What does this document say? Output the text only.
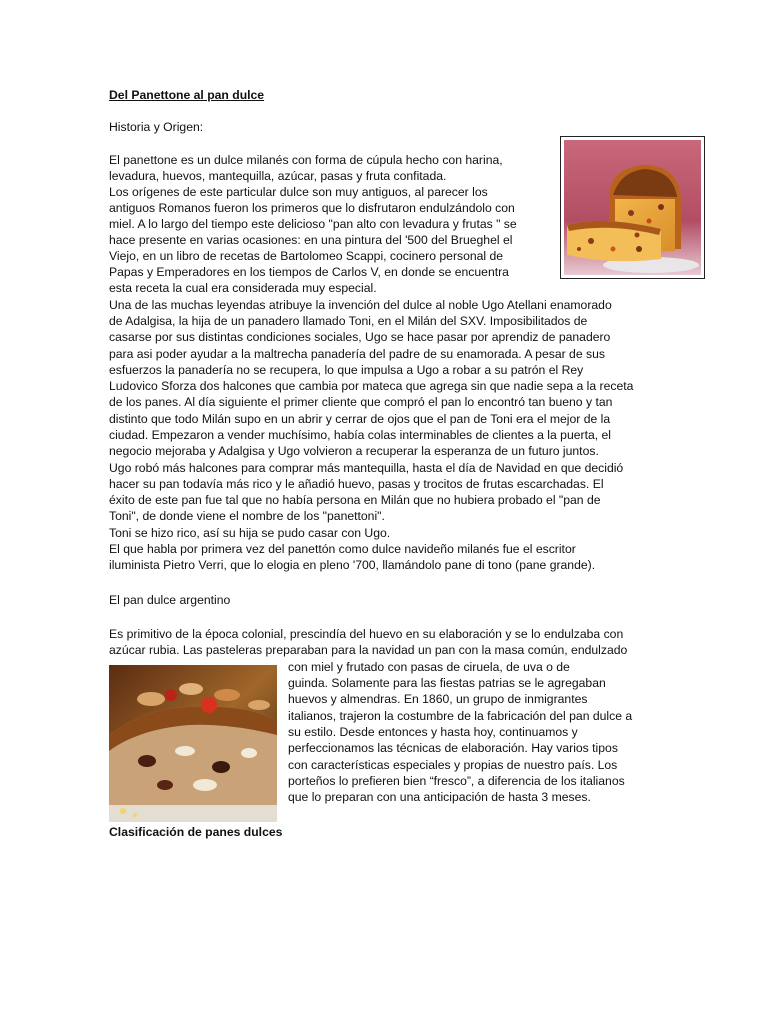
Del Panettone al pan dulce

Historia y Origen:

El panettone es un dulce milanés con forma de cúpula hecho con harina,

levadura, huevos, mantequilla, azúcar, pasas y fruta confitada.

Los orígenes de este particular dulce son muy antiguos, al parecer los

antiguos Romanos fueron los primeros que lo disfrutaron endulzándolo con

miel. A lo largo del tiempo este delicioso "pan alto con levadura y frutas " se

hace presente en varias ocasiones: en una pintura del '500 del Brueghel el

Viejo, en un libro de recetas de Bartolomeo Scappi, cocinero personal de

Papas y Emperadores en los tiempos de Carlos V, en donde se encuentra

esta receta la cual era considerada muy especial.

Una de las muchas leyendas atribuye la invención del dulce al noble Ugo Atellani enamorado

de Adalgisa, la hija de un panadero llamado Toni, en el Milán del SXV. Imposibilitados de

casarse por sus distintas condiciones sociales, Ugo se hace pasar por aprendiz de panadero

para asi poder ayudar a la maltrecha panadería del padre de su enamorada. A pesar de sus

esfuerzos la panadería no se recupera, lo que impulsa a Ugo a robar a su patrón el Rey

Ludovico Sforza dos halcones que cambia por mateca que agrega sin que nadie sepa a la receta

de los panes. Al día siguiente el primer cliente que compró el pan lo encontró tan bueno y tan

distinto que todo Milán supo en un abrir y cerrar de ojos que el pan de Toni era el mejor de la

ciudad. Empezaron a vender muchísimo, había colas interminables de clientes a la puerta, el

negocio mejoraba y Adalgisa y Ugo volvieron a recuperar la esperanza de un futuro juntos.

Ugo robó más halcones para comprar más mantequilla, hasta el día de Navidad en que decidió

hacer su pan todavía más rico y le añadió huevo, pasas y trocitos de frutas escarchadas. El

éxito de este pan fue tal que no había persona en Milán que no hubiera probado el "pan de

Toni", de donde viene el nombre de los "panettoni".

Toni se hizo rico, así su hija se pudo casar con Ugo.

El que habla por primera vez del panettón como dulce navideño milanés fue el escritor

iluminista Pietro Verri, que lo elogia en pleno '700, llamándolo pane di tono (pane grande).

El pan dulce argentino

Es primitivo de la época colonial, prescindía del huevo en su elaboración y se lo endulzaba con

azúcar rubia. Las pasteleras preparaban para la navidad un pan con la masa común, endulzado

con miel y frutado con pasas de ciruela, de uva o de

guinda. Solamente para las fiestas patrias se le agregaban

huevos y almendras. En 1860, un grupo de inmigrantes

italianos, trajeron la costumbre de la fabricación del pan dulce a

su estilo. Desde entonces y hasta hoy, continuamos y

perfeccionamos las técnicas de elaboración. Hay varios tipos

con características especiales y propias de nuestro país. Los

porteños lo prefieren bien “fresco”, a diferencia de los italianos

que lo preparan con una anticipación de hasta 3 meses.

Clasificación de panes dulces
